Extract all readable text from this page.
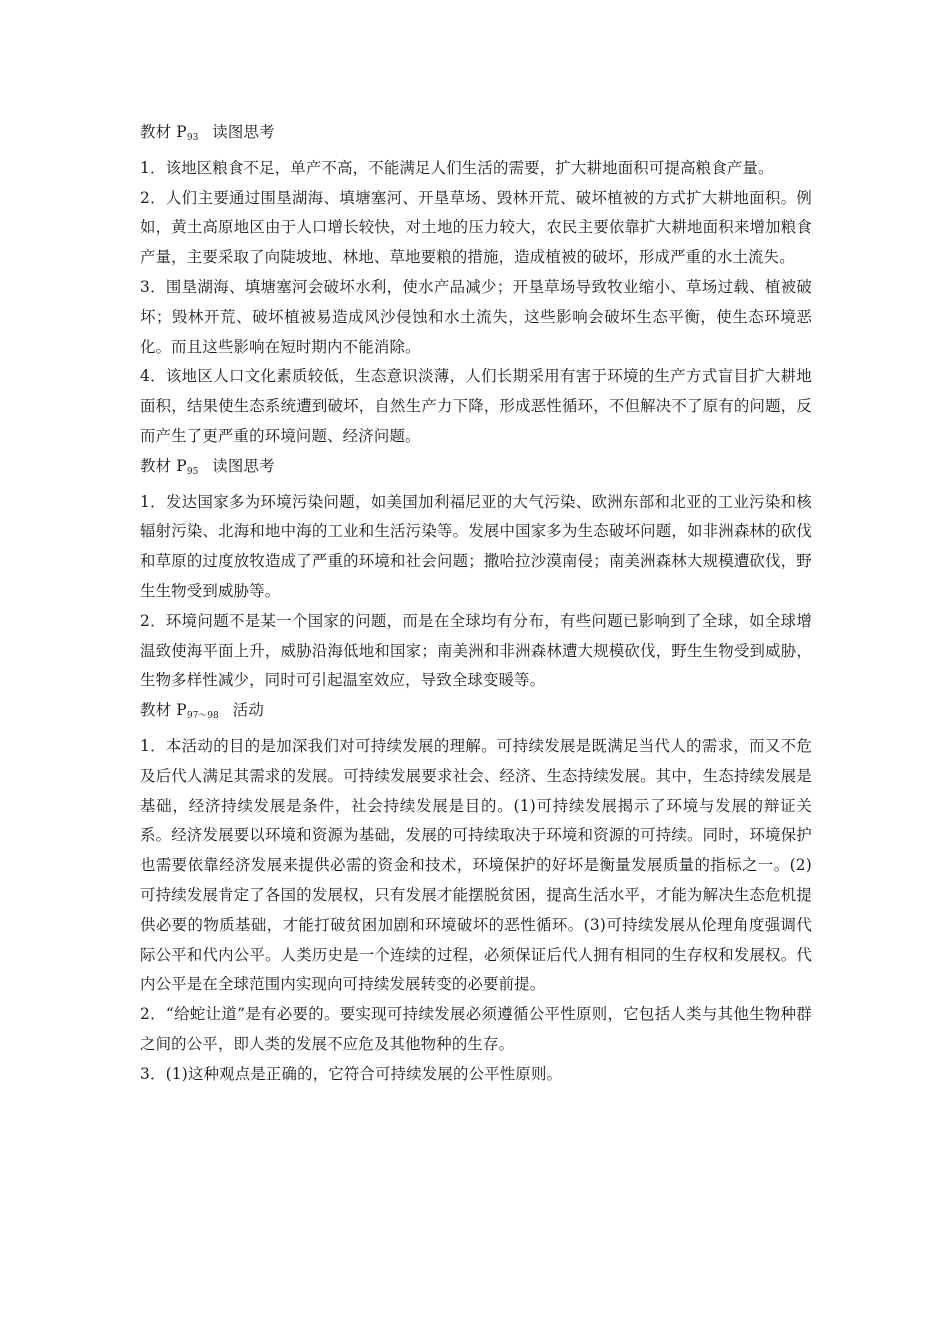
教材 $P_{93}$ 读图思考

1．该地区粮食不足，单产不高，不能满足人们生活的需要，扩大耕地面积可提高粮食产量。

2．人们主要通过围垦湖海、填塘塞河、开垦草场、毁林开荒、破坏植被的方式扩大耕地面积。例如，黄土高原地区由于人口增长较快，对土地的压力较大，农民主要依靠扩大耕地面积来增加粮食产量，主要采取了向陡坡地、林地、草地要粮的措施，造成植被的破坏，形成严重的水土流失。

3．围垦湖海、填塘塞河会破坏水利，使水产品减少；开垦草场导致牧业缩小、草场过载、植被破坏；毁林开荒、破坏植被易造成风沙侵蚀和水土流失，这些影响会破坏生态平衡，使生态环境恶化。而且这些影响在短时期内不能消除。

4．该地区人口文化素质较低，生态意识淡薄，人们长期采用有害于环境的生产方式盲目扩大耕地面积，结果使生态系统遭到破坏，自然生产力下降，形成恶性循环，不但解决不了原有的问题，反而产生了更严重的环境问题、经济问题。

教材 $P_{95}$ 读图思考

1．发达国家多为环境污染问题，如美国加利福尼亚的大气污染、欧洲东部和北亚的工业污染和核辐射污染、北海和地中海的工业和生活污染等。发展中国家多为生态破坏问题，如非洲森林的砍伐和草原的过度放牧造成了严重的环境和社会问题；撒哈拉沙漠南侵；南美洲森林大规模遭砍伐，野生生物受到威胁等。

2．环境问题不是某一个国家的问题，而是在全球均有分布，有些问题已影响到了全球，如全球增温致使海平面上升，威胁沿海低地和国家；南美洲和非洲森林遭大规模砍伐，野生生物受到威胁，生物多样性减少，同时可引起温室效应，导致全球变暖等。

教材 $P_{97\sim 98}$ 活动

1．本活动的目的是加深我们对可持续发展的理解。可持续发展是既满足当代人的需求，而又不危及后代人满足其需求的发展。可持续发展要求社会、经济、生态持续发展。其中，生态持续发展是基础，经济持续发展是条件，社会持续发展是目的。(1)可持续发展揭示了环境与发展的辩证关系。经济发展要以环境和资源为基础，发展的可持续取决于环境和资源的可持续。同时，环境保护也需要依靠经济发展来提供必需的资金和技术，环境保护的好坏是衡量发展质量的指标之一。(2)可持续发展肯定了各国的发展权，只有发展才能摆脱贫困，提高生活水平，才能为解决生态危机提供必要的物质基础，才能打破贫困加剧和环境破坏的恶性循环。(3)可持续发展从伦理角度强调代际公平和代内公平。人类历史是一个连续的过程，必须保证后代人拥有相同的生存权和发展权。代内公平是在全球范围内实现向可持续发展转变的必要前提。

2．“给蛇让道”是有必要的。要实现可持续发展必须遵循公平性原则，它包括人类与其他生物种群之间的公平，即人类的发展不应危及其他物种的生存。

3．(1)这种观点是正确的，它符合可持续发展的公平性原则。
